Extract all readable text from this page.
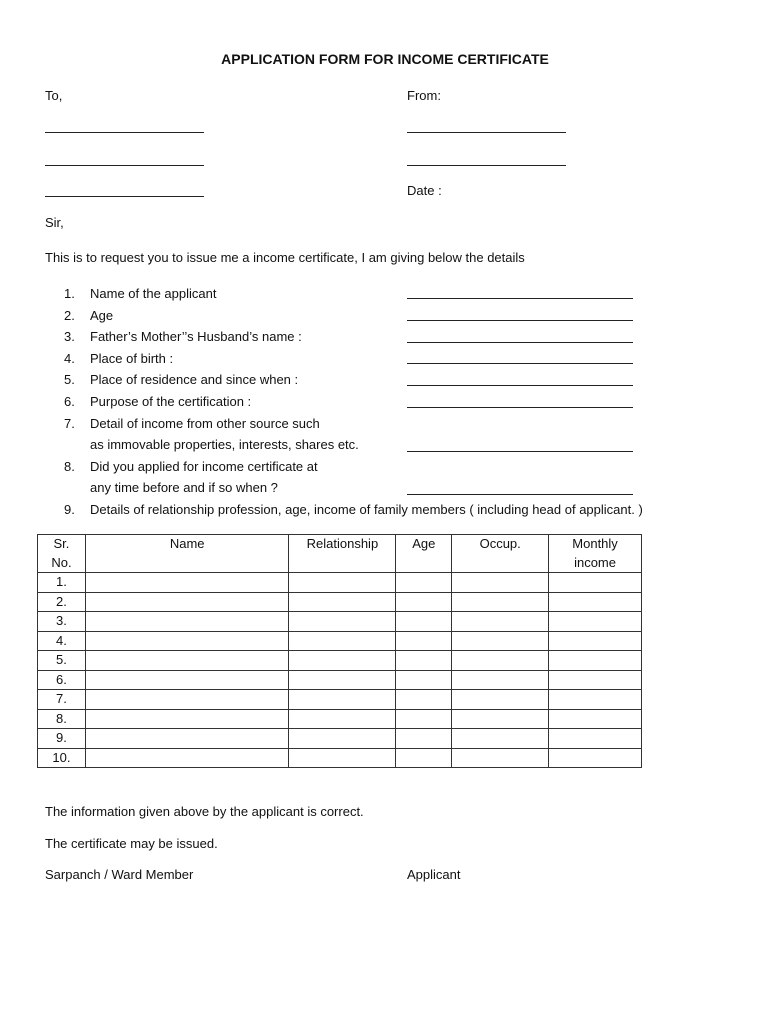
APPLICATION FORM FOR INCOME CERTIFICATE
To,	From:
Date :
Sir,
This is to request you to issue me a income certificate, I am giving below the details
1. Name of the applicant
2. Age
3. Father’s Mother’’s Husband’s name :
4. Place of birth :
5. Place of residence and since when :
6. Purpose of the certification :
7. Detail of income from other source such
as immovable properties, interests, shares etc.
8. Did you applied for income certificate at
any time before and if so when ?
9. Details of relationship profession, age, income of family members ( including head of applicant. )
Sr.
No.	Name	Relationship	Age	Occup.	Monthly
income
1.					
2.					
3.					
4.					
5.					
6.					
7.					
8.					
9.					
10.					
The information given above by the applicant is correct.
The certificate may be issued.
Sarpanch / Ward Member	Applicant
